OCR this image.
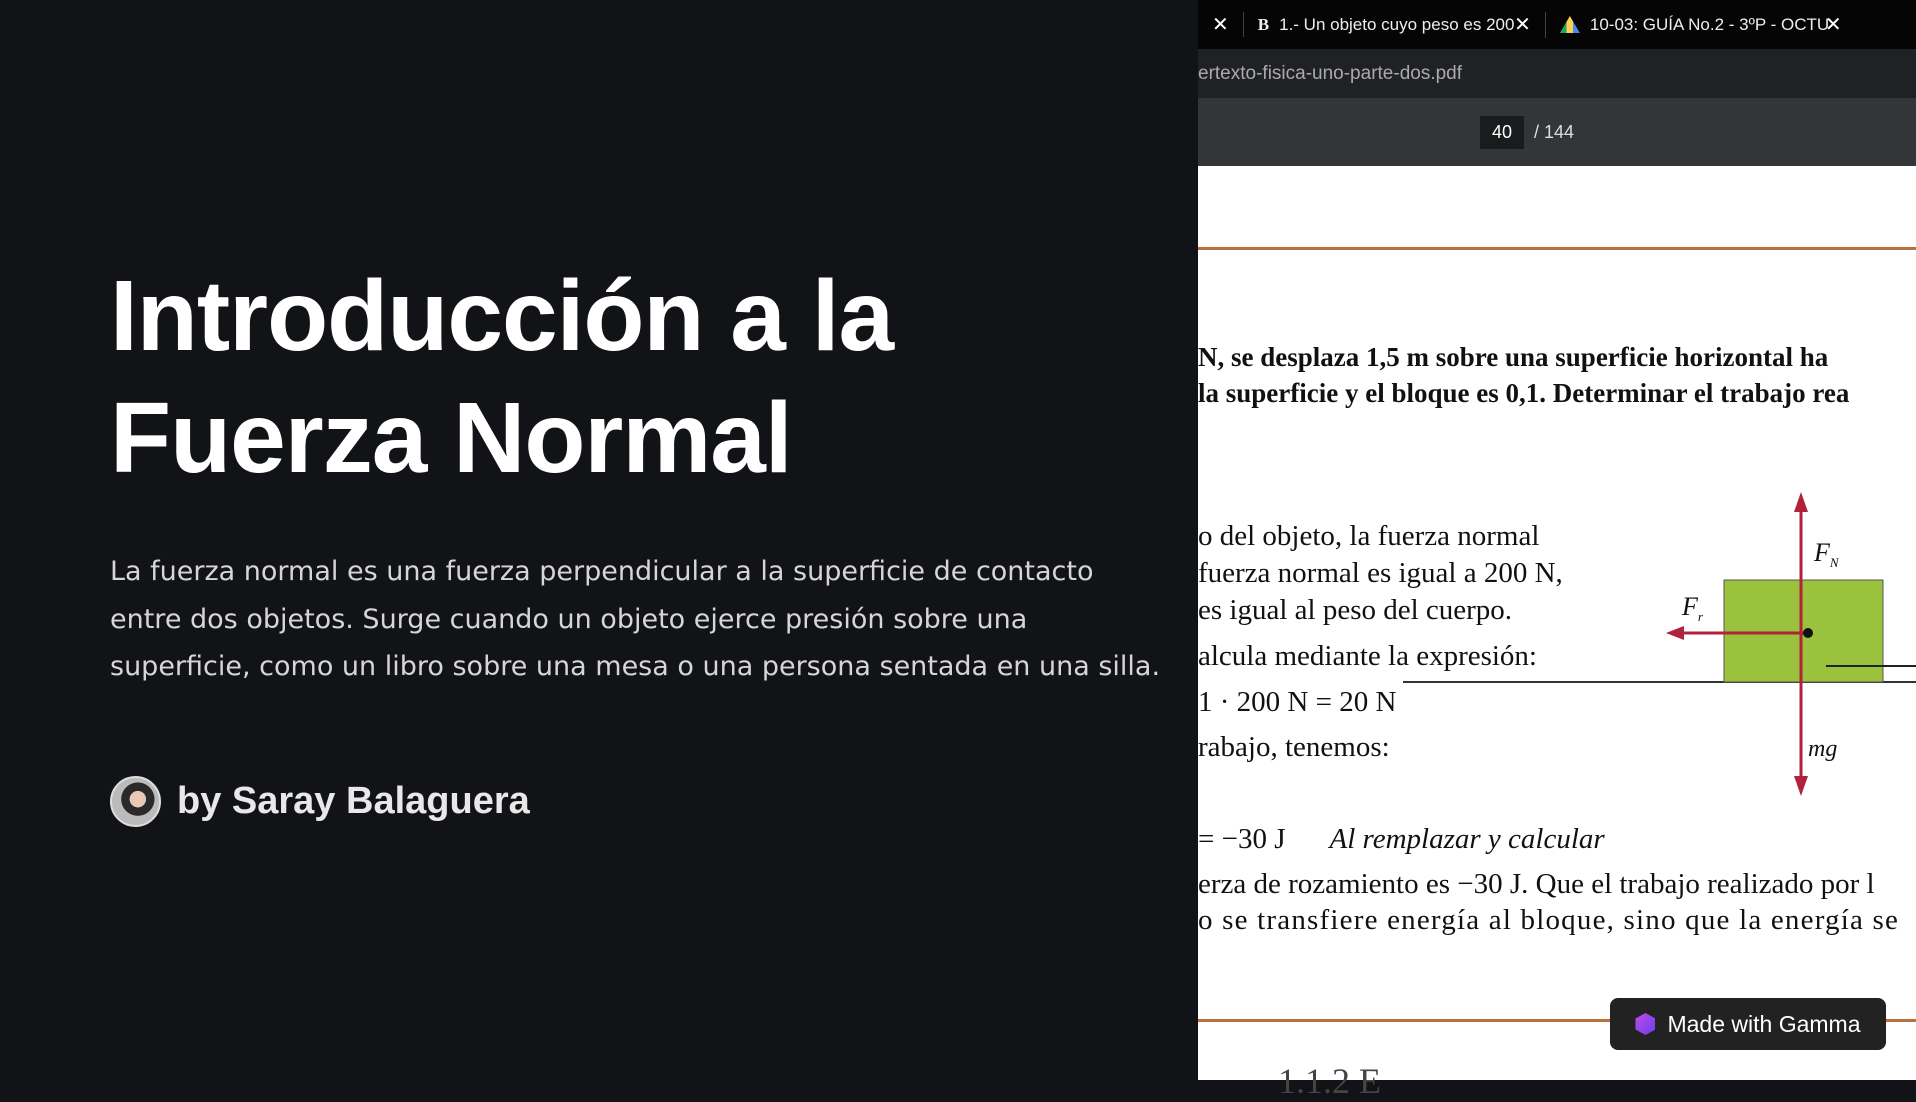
Introducción a la
Fuerza Normal

La fuerza normal es una fuerza perpendicular a la superficie de contacto entre dos objetos. Surge cuando un objeto ejerce presión sobre una superficie, como un libro sobre una mesa o una persona sentada en una silla.

by Saray Balaguera
✕	B 1.- Un objeto cuyo peso es 200 ✕	10-03: GUÍA No.2 - 3ºP - OCTU
✕
ertexto-fisica-uno-parte-dos.pdf
40	/ 144
N, se desplaza 1,5 m sobre una superficie horizontal ha
la superficie y el bloque es 0,1. Determinar el trabajo rea
o del objeto, la fuerza normal
fuerza normal es igual a 200 N,
es igual al peso del cuerpo.
alcula mediante la expresión:
1 · 200 N = 20 N
rabajo, tenemos:
= −30 J Al remplazar y calcular
erza de rozamiento es −30 J. Que el trabajo realizado por l
o se transfiere energía al bloque, sino que la energía se
$F_N$
$F_r$
mg
1.1.2 E
Made with Gamma
